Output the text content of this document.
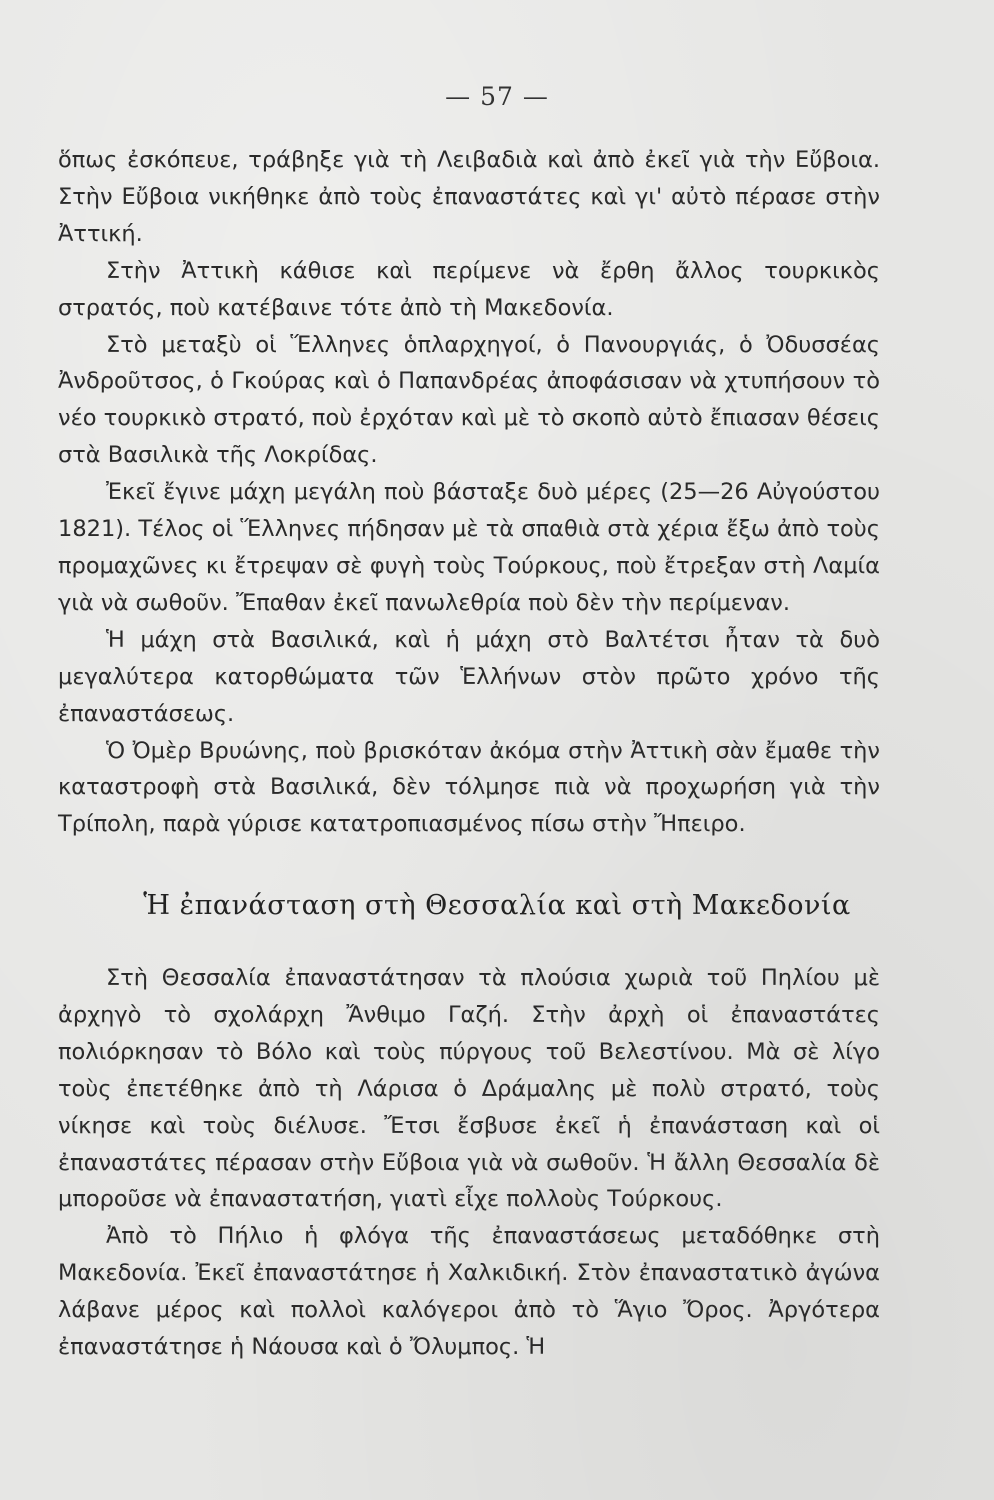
— 57 —

ὅπως ἐσκόπευε, τράβηξε γιὰ τὴ Λειβαδιὰ καὶ ἀπὸ ἐκεῖ γιὰ τὴν Εὔβοια. Στὴν Εὔβοια νικήθηκε ἀπὸ τοὺς ἐπαναστάτες καὶ γι' αὐτὸ πέρασε στὴν Ἀττική.

Στὴν Ἀττικὴ κάθισε καὶ περίμενε νὰ ἔρθη ἄλλος τουρκικὸς στρατός, ποὺ κατέβαινε τότε ἀπὸ τὴ Μακεδονία.

Στὸ μεταξὺ οἱ Ἕλληνες ὁπλαρχηγοί, ὁ Πανουργιάς, ὁ Ὀδυσσέας Ἀνδροῦτσος, ὁ Γκούρας καὶ ὁ Παπανδρέας ἀποφάσισαν νὰ χτυπήσουν τὸ νέο τουρκικὸ στρατό, ποὺ ἐρχόταν καὶ μὲ τὸ σκοπὸ αὐτὸ ἔπιασαν θέσεις στὰ Βασιλικὰ τῆς Λοκρίδας.

Ἐκεῖ ἔγινε μάχη μεγάλη ποὺ βάσταξε δυὸ μέρες (25—26 Αὐγούστου 1821). Τέλος οἱ Ἕλληνες πήδησαν μὲ τὰ σπαθιὰ στὰ χέρια ἔξω ἀπὸ τοὺς προμαχῶνες κι ἔτρεψαν σὲ φυγὴ τοὺς Τούρκους, ποὺ ἔτρεξαν στὴ Λαμία γιὰ νὰ σωθοῦν. Ἔπαθαν ἐκεῖ πανωλεθρία ποὺ δὲν τὴν περίμεναν.

Ἡ μάχη στὰ Βασιλικά, καὶ ἡ μάχη στὸ Βαλτέτσι ἦταν τὰ δυὸ μεγαλύτερα κατορθώματα τῶν Ἑλλήνων στὸν πρῶτο χρόνο τῆς ἐπαναστάσεως.

Ὁ Ὀμὲρ Βρυώνης, ποὺ βρισκόταν ἀκόμα στὴν Ἀττικὴ σὰν ἔμαθε τὴν καταστροφὴ στὰ Βασιλικά, δὲν τόλμησε πιὰ νὰ προχωρήση γιὰ τὴν Τρίπολη, παρὰ γύρισε κατατροπιασμένος πίσω στὴν Ἤπειρο.

Ἡ ἐπανάσταση στὴ Θεσσαλία καὶ στὴ Μακεδονία

Στὴ Θεσσαλία ἐπαναστάτησαν τὰ πλούσια χωριὰ τοῦ Πηλίου μὲ ἀρχηγὸ τὸ σχολάρχη Ἄνθιμο Γαζή. Στὴν ἀρχὴ οἱ ἐπαναστάτες πολιόρκησαν τὸ Βόλο καὶ τοὺς πύργους τοῦ Βελεστίνου. Μὰ σὲ λίγο τοὺς ἐπετέθηκε ἀπὸ τὴ Λάρισα ὁ Δράμαλης μὲ πολὺ στρατό, τοὺς νίκησε καὶ τοὺς διέλυσε. Ἔτσι ἔσβυσε ἐκεῖ ἡ ἐπανάσταση καὶ οἱ ἐπαναστάτες πέρασαν στὴν Εὔβοια γιὰ νὰ σωθοῦν. Ἡ ἄλλη Θεσσαλία δὲ μποροῦσε νὰ ἐπαναστατήση, γιατὶ εἶχε πολλοὺς Τούρκους.

Ἀπὸ τὸ Πήλιο ἡ φλόγα τῆς ἐπαναστάσεως μεταδόθηκε στὴ Μακεδονία. Ἐκεῖ ἐπαναστάτησε ἡ Χαλκιδική. Στὸν ἐπαναστατικὸ ἀγώνα λάβανε μέρος καὶ πολλοὶ καλόγεροι ἀπὸ τὸ Ἅγιο Ὄρος. Ἀργότερα ἐπαναστάτησε ἡ Νάουσα καὶ ὁ Ὄλυμπος. Ἡ
